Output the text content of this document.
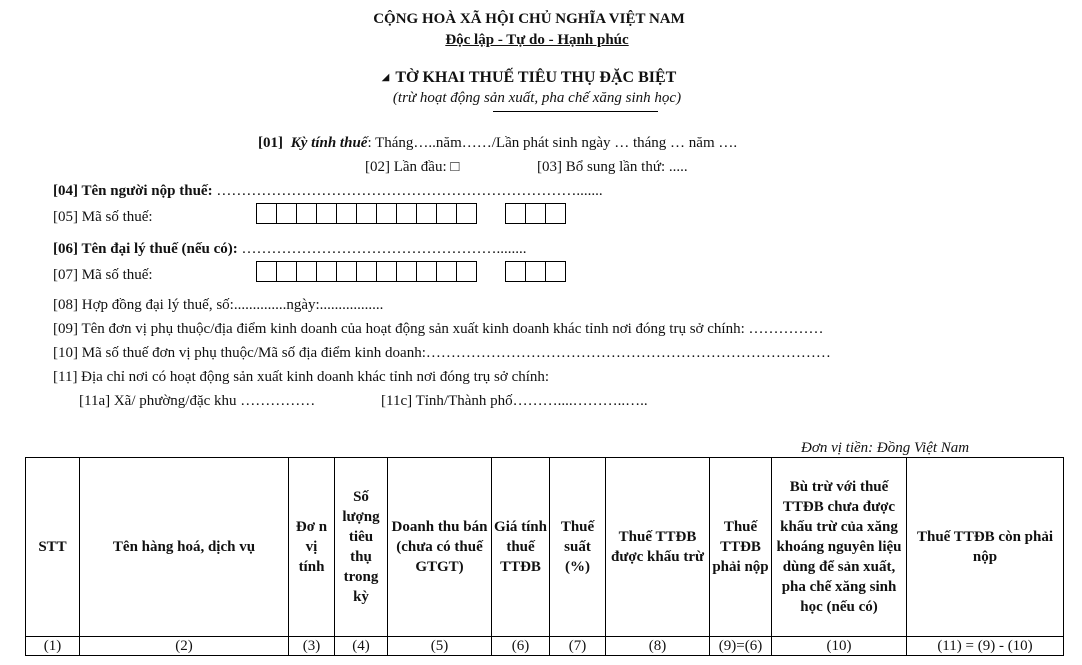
CỘNG HOÀ XÃ HỘI CHỦ NGHĨA VIỆT NAM
Độc lập - Tự do - Hạnh phúc
◢ TỜ KHAI THUẾ TIÊU THỤ ĐẶC BIỆT
(trừ hoạt động sản xuất, pha chế xăng sinh học)
[01] Kỳ tính thuế: Tháng…..năm……/Lần phát sinh ngày … tháng … năm ….
[02] Lần đầu: □	[03] Bổ sung lần thứ: .....
[04] Tên người nộp thuế: ……………………………………………………………….......
[05] Mã số thuế:
[06] Tên đại lý thuế (nếu có): ……………………………………………........
[07] Mã số thuế:
[08] Hợp đồng đại lý thuế, số:..............ngày:.................
[09] Tên đơn vị phụ thuộc/địa điểm kinh doanh của hoạt động sản xuất kinh doanh khác tỉnh nơi đóng trụ sở chính: ……………
[10] Mã số thuế đơn vị phụ thuộc/Mã số địa điểm kinh doanh:………………………………………………………………………
[11] Địa chỉ nơi có hoạt động sản xuất kinh doanh khác tỉnh nơi đóng trụ sở chính:
[11a] Xã/ phường/đặc khu ……………	[11c] Tỉnh/Thành phố………....………..…..
Đơn vị tiền: Đồng Việt Nam
STT	Tên hàng hoá, dịch vụ	Đơ n vị tính	Số lượng tiêu thụ trong kỳ	Doanh thu bán (chưa có thuế GTGT)	Giá tính thuế TTĐB	Thuế suất (%)	Thuế TTĐB được khấu trừ	Thuế TTĐB phải nộp	Bù trừ với thuế TTĐB chưa được khấu trừ của xăng khoáng nguyên liệu dùng để sản xuất, pha chế xăng sinh học (nếu có)	Thuế TTĐB còn phải nộp
(1)	(2)	(3)	(4)	(5)	(6)	(7)	(8)	(9)=(6)	(10)	(11) = (9) - (10)
